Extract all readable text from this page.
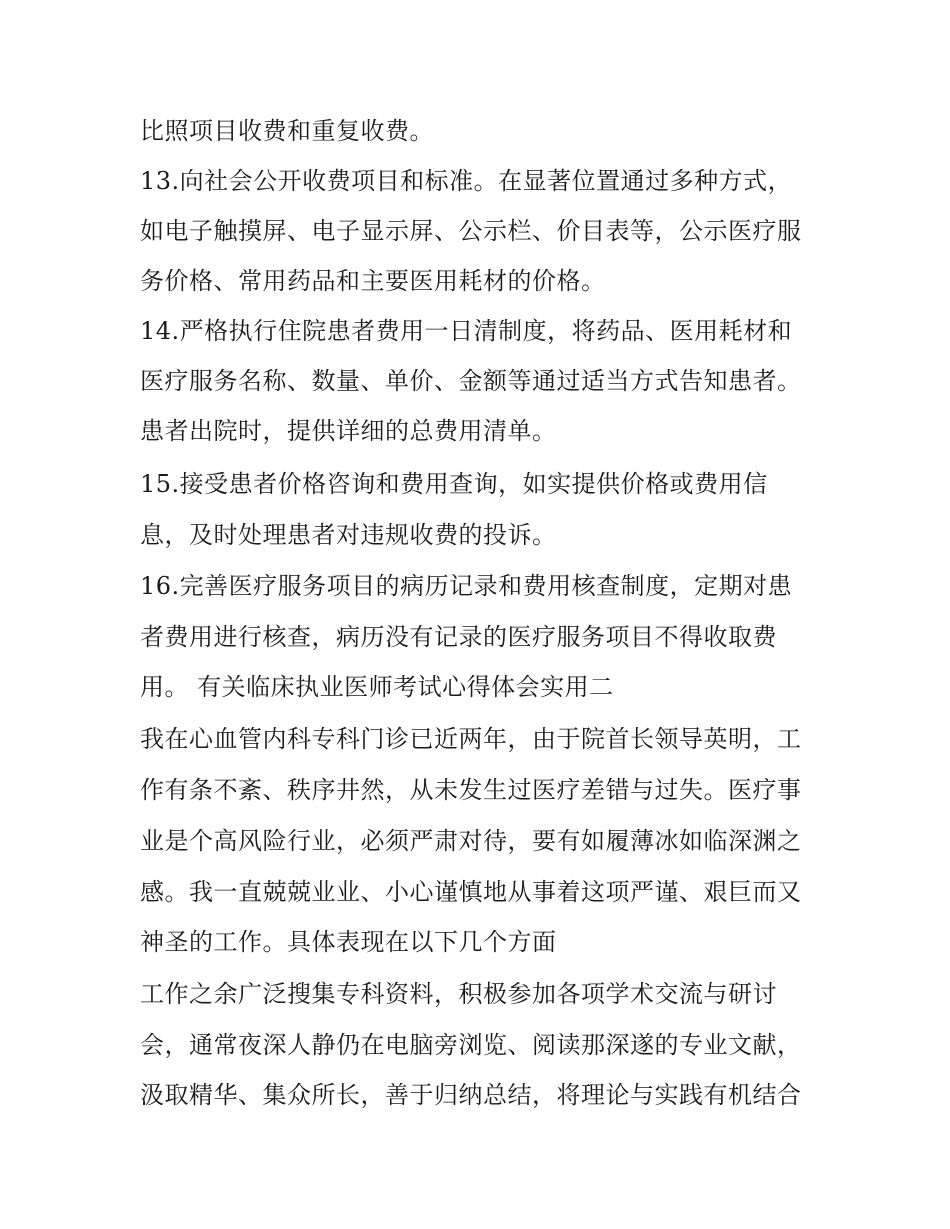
比照项目收费和重复收费。
13.向社会公开收费项目和标准。在显著位置通过多种方式，
如电子触摸屏、电子显示屏、公示栏、价目表等，公示医疗服
务价格、常用药品和主要医用耗材的价格。
14.严格执行住院患者费用一日清制度，将药品、医用耗材和
医疗服务名称、数量、单价、金额等通过适当方式告知患者。
患者出院时，提供详细的总费用清单。
15.接受患者价格咨询和费用查询，如实提供价格或费用信
息，及时处理患者对违规收费的投诉。
16.完善医疗服务项目的病历记录和费用核查制度，定期对患
者费用进行核查，病历没有记录的医疗服务项目不得收取费
用。 有关临床执业医师考试心得体会实用二
我在心血管内科专科门诊已近两年，由于院首长领导英明，工
作有条不紊、秩序井然，从未发生过医疗差错与过失。医疗事
业是个高风险行业，必须严肃对待，要有如履薄冰如临深渊之
感。我一直兢兢业业、小心谨慎地从事着这项严谨、艰巨而又
神圣的工作。具体表现在以下几个方面
工作之余广泛搜集专科资料，积极参加各项学术交流与研讨
会，通常夜深人静仍在电脑旁浏览、阅读那深遂的专业文献，
汲取精华、集众所长，善于归纳总结，将理论与实践有机结合
